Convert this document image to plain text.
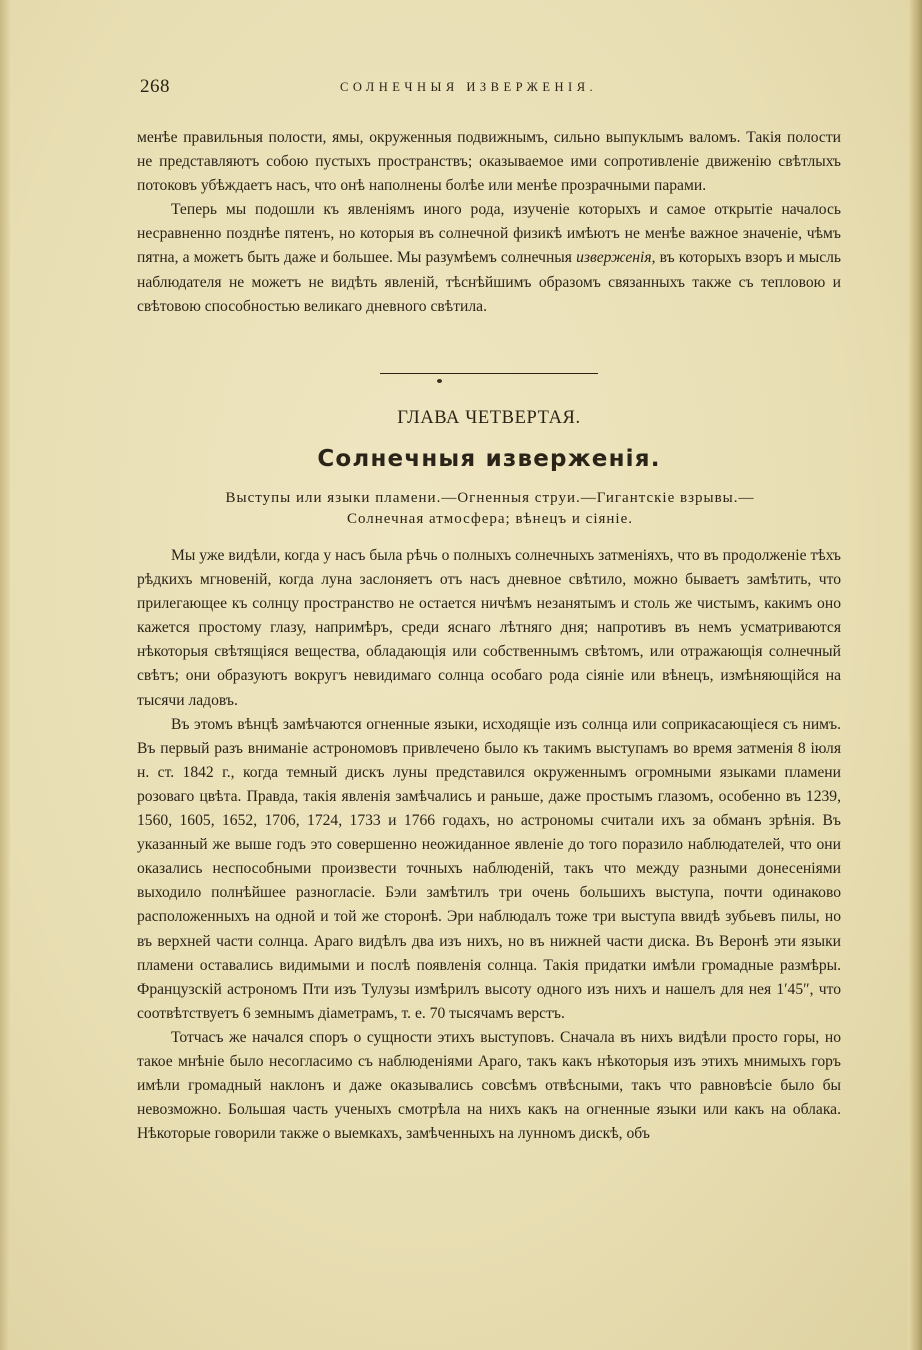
268	СОЛНЕЧНЫЯ ИЗВЕРЖЕНІЯ.

менѣе правильныя полости, ямы, окруженныя подвижнымъ, сильно выпуклымъ валомъ. Такія полости не представляютъ собою пустыхъ пространствъ; оказываемое ими сопротивленіе движенію свѣтлыхъ потоковъ убѣждаетъ насъ, что онѣ наполнены болѣе или менѣе прозрачными парами.

Теперь мы подошли къ явленіямъ иного рода, изученіе которыхъ и самое открытіе началось несравненно позднѣе пятенъ, но которыя въ солнечной физикѣ имѣютъ не менѣе важное значеніе, чѣмъ пятна, а можетъ быть даже и большее. Мы разумѣемъ солнечныя изверженія, въ которыхъ взоръ и мысль наблюдателя не можетъ не видѣть явленій, тѣснѣйшимъ образомъ связанныхъ также съ тепловою и свѣтовою способностью великаго дневного свѣтила.

ГЛАВА ЧЕТВЕРТАЯ.
Солнечныя изверженія.
Выступы или языки пламени.—Огненныя струи.—Гигантскіе взрывы.—
Солнечная атмосфера; вѣнецъ и сіяніе.

Мы уже видѣли, когда у насъ была рѣчь о полныхъ солнечныхъ затменіяхъ, что въ продолженіе тѣхъ рѣдкихъ мгновеній, когда луна заслоняетъ отъ насъ дневное свѣтило, можно бываетъ замѣтить, что прилегающее къ солнцу пространство не остается ничѣмъ незанятымъ и столь же чистымъ, какимъ оно кажется простому глазу, напримѣръ, среди яснаго лѣтняго дня; напротивъ въ немъ усматриваются нѣкоторыя свѣтящіяся вещества, обладающія или собственнымъ свѣтомъ, или отражающія солнечный свѣтъ; они образуютъ вокругъ невидимаго солнца особаго рода сіяніе или вѣнецъ, измѣняющійся на тысячи ладовъ.

Въ этомъ вѣнцѣ замѣчаются огненные языки, исходящіе изъ солнца или соприкасающіеся съ нимъ. Въ первый разъ вниманіе астрономовъ привлечено было къ такимъ выступамъ во время затменія 8 іюля н. ст. 1842 г., когда темный дискъ луны представился окруженнымъ огромными языками пламени розоваго цвѣта. Правда, такія явленія замѣчались и раньше, даже простымъ глазомъ, особенно въ 1239, 1560, 1605, 1652, 1706, 1724, 1733 и 1766 годахъ, но астрономы считали ихъ за обманъ зрѣнія. Въ указанный же выше годъ это совершенно неожиданное явленіе до того поразило наблюдателей, что они оказались неспособными произвести точныхъ наблюденій, такъ что между разными донесеніями выходило полнѣйшее разногласіе. Бэли замѣтилъ три очень большихъ выступа, почти одинаково расположенныхъ на одной и той же сторонѣ. Эри наблюдалъ тоже три выступа ввидѣ зубьевъ пилы, но въ верхней части солнца. Араго видѣлъ два изъ нихъ, но въ нижней части диска. Въ Веронѣ эти языки пламени оставались видимыми и послѣ появленія солнца. Такія придатки имѣли громадные размѣры. Французскій астрономъ Пти изъ Тулузы измѣрилъ высоту одного изъ нихъ и нашелъ для нея 1′45″, что соотвѣтствуетъ 6 земнымъ діаметрамъ, т. е. 70 тысячамъ верстъ.

Тотчасъ же начался споръ о сущности этихъ выступовъ. Сначала въ нихъ видѣли просто горы, но такое мнѣніе было несогласимо съ наблюденіями Араго, такъ какъ нѣкоторыя изъ этихъ мнимыхъ горъ имѣли громадный наклонъ и даже оказывались совсѣмъ отвѣсными, такъ что равновѣсіе было бы невозможно. Большая часть ученыхъ смотрѣла на нихъ какъ на огненные языки или какъ на облака. Нѣкоторые говорили также о выемкахъ, замѣченныхъ на лунномъ дискѣ, объ
